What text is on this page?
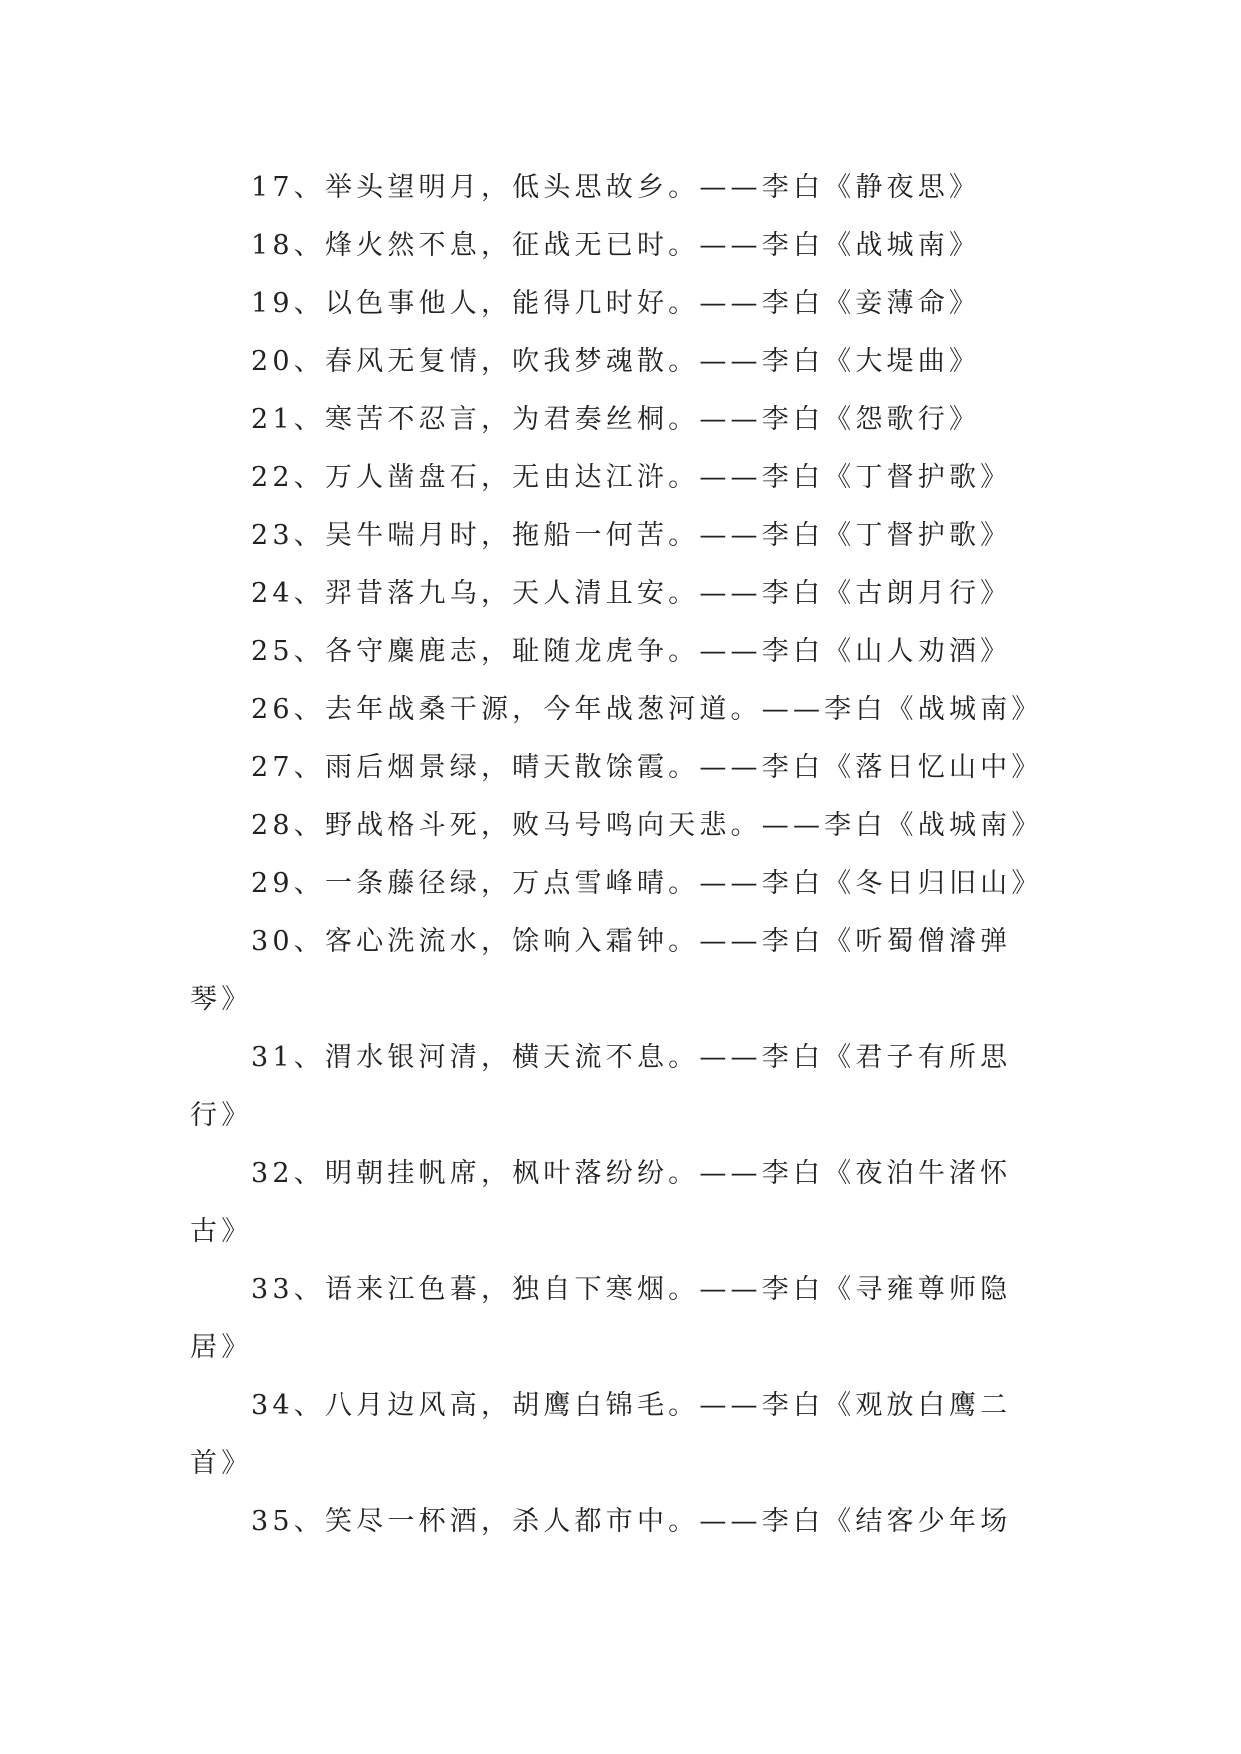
17、举头望明月，低头思故乡。——李白《静夜思》

18、烽火然不息，征战无已时。——李白《战城南》

19、以色事他人，能得几时好。——李白《妾薄命》

20、春风无复情，吹我梦魂散。——李白《大堤曲》

21、寒苦不忍言，为君奏丝桐。——李白《怨歌行》

22、万人凿盘石，无由达江浒。——李白《丁督护歌》

23、吴牛喘月时，拖船一何苦。——李白《丁督护歌》

24、羿昔落九乌，天人清且安。——李白《古朗月行》

25、各守麋鹿志，耻随龙虎争。——李白《山人劝酒》

26、去年战桑干源，今年战葱河道。——李白《战城南》

27、雨后烟景绿，晴天散馀霞。——李白《落日忆山中》

28、野战格斗死，败马号鸣向天悲。——李白《战城南》

29、一条藤径绿，万点雪峰晴。——李白《冬日归旧山》

30、客心洗流水，馀响入霜钟。——李白《听蜀僧濬弹琴》

31、渭水银河清，横天流不息。——李白《君子有所思行》

32、明朝挂帆席，枫叶落纷纷。——李白《夜泊牛渚怀古》

33、语来江色暮，独自下寒烟。——李白《寻雍尊师隐居》

34、八月边风高，胡鹰白锦毛。——李白《观放白鹰二首》

35、笑尽一杯酒，杀人都市中。——李白《结客少年场
